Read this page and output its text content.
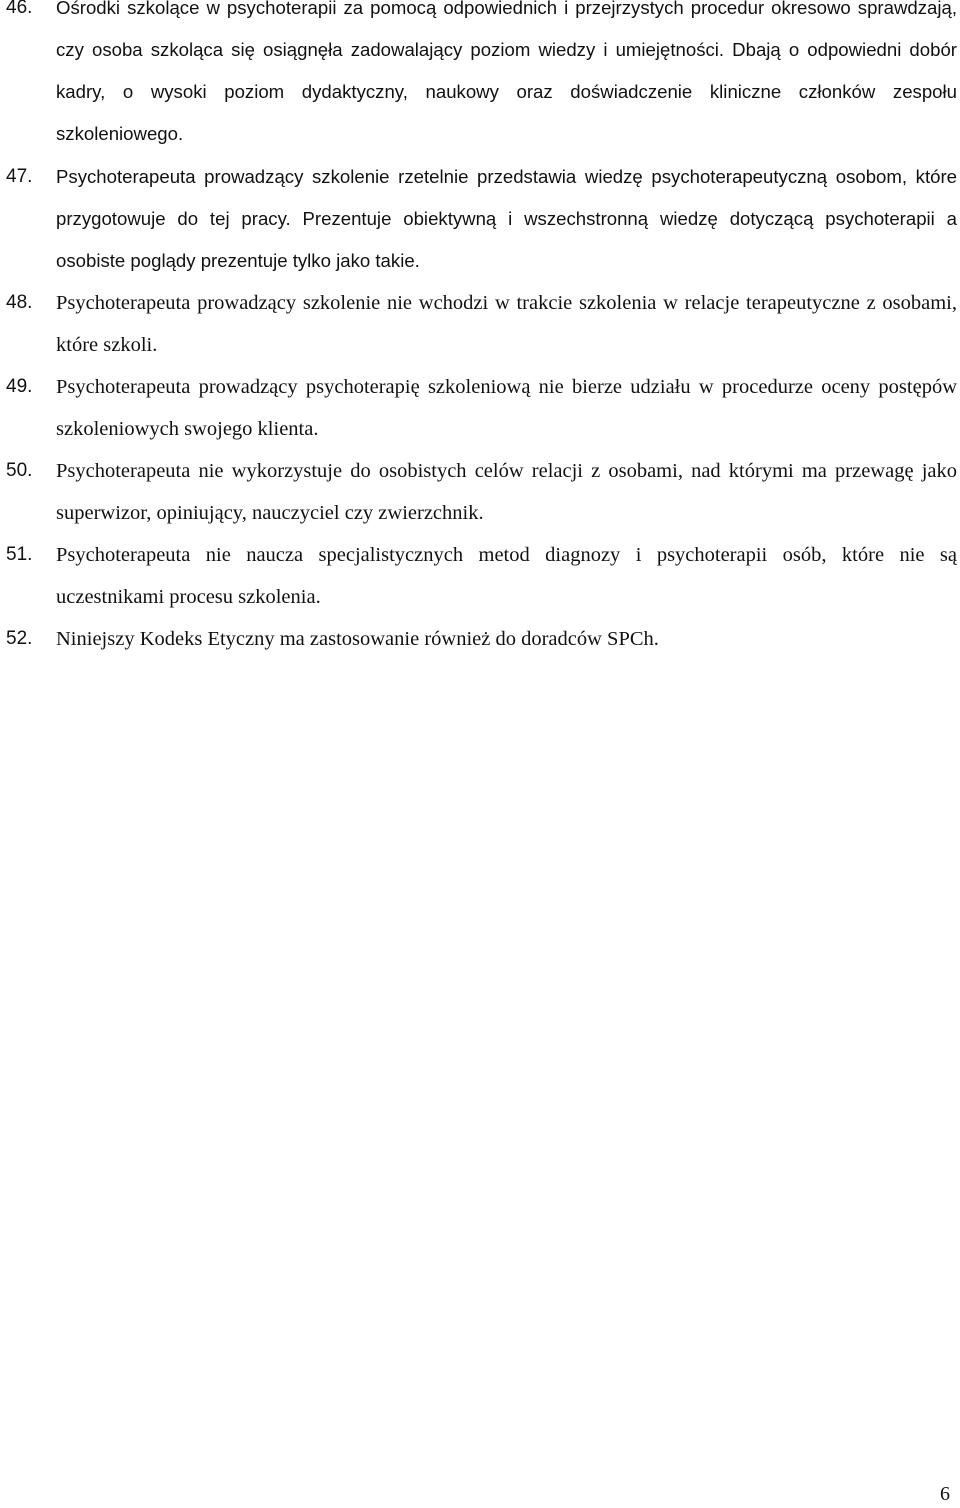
46. Ośrodki szkolące w psychoterapii za pomocą odpowiednich i przejrzystych procedur okresowo sprawdzają, czy osoba szkoląca się osiągnęła zadowalający poziom wiedzy i umiejętności. Dbają o odpowiedni dobór kadry, o wysoki poziom dydaktyczny, naukowy oraz doświadczenie kliniczne członków zespołu szkoleniowego.
47. Psychoterapeuta prowadzący szkolenie rzetelnie przedstawia wiedzę psychoterapeutyczną osobom, które przygotowuje do tej pracy. Prezentuje obiektywną i wszechstronną wiedzę dotyczącą psychoterapii a osobiste poglądy prezentuje tylko jako takie.
48. Psychoterapeuta prowadzący szkolenie nie wchodzi w trakcie szkolenia w relacje terapeutyczne z osobami, które szkoli.
49. Psychoterapeuta prowadzący psychoterapię szkoleniową nie bierze udziału w procedurze oceny postępów szkoleniowych swojego klienta.
50. Psychoterapeuta nie wykorzystuje do osobistych celów relacji z osobami, nad którymi ma przewagę jako superwizor, opiniujący, nauczyciel czy zwierzchnik.
51. Psychoterapeuta nie naucza specjalistycznych metod diagnozy i psychoterapii osób, które nie są uczestnikami procesu szkolenia.
52. Niniejszy Kodeks Etyczny ma zastosowanie również do doradców SPCh.
6
